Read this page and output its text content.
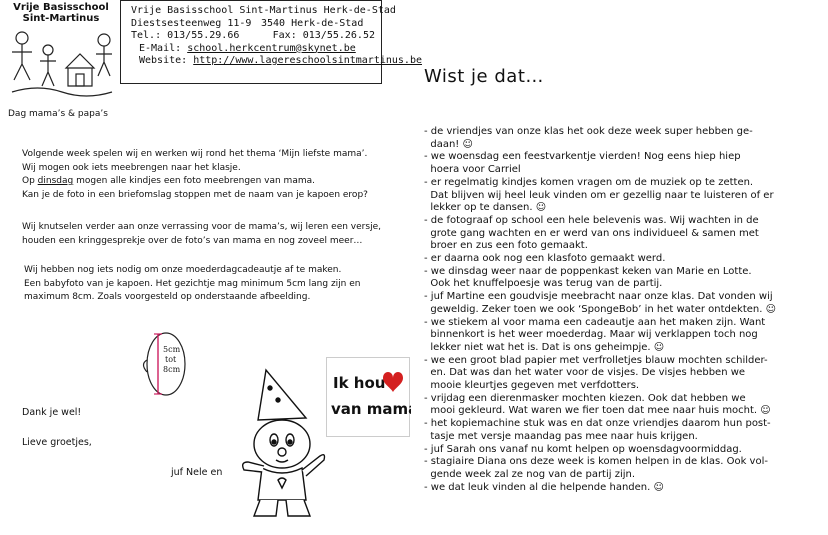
Vrije Basisschool
Sint-Martinus
Vrije Basisschool Sint-Martinus Herk-de-Stad
Diestsesteenweg 11-9 3540 Herk-de-Stad
Tel.: 013/55.29.66	Fax: 013/55.26.52
E-Mail:
school.herkcentrum@skynet.be
Website:
http://www.lagereschoolsintmartinus.be
Dag mama’s & papa’s
Volgende week spelen wij en werken wij rond het thema ‘Mijn liefste mama’.
Wij mogen ook iets meebrengen naar het klasje.
Op dinsdag mogen alle kindjes een foto meebrengen van mama.
Kan je de foto in een briefomslag stoppen met de naam van je kapoen erop?
Wij knutselen verder aan onze verrassing voor de mama’s, wij leren een versje,
houden een kringgesprekje over de foto’s van mama en nog zoveel meer…
Wij hebben nog iets nodig om onze moederdagcadeautje af te maken.
Een babyfoto van je kapoen. Het gezichtje mag minimum 5cm lang zijn en
maximum 8cm. Zoals voorgesteld op onderstaande afbeelding.
5cm
tot
8cm
Dank je wel!
Lieve groetjes,
juf Nele en
Ik hou
van mama
Wist je dat…
- de vriendjes van onze klas het ook deze week super hebben ge-
daan! ☺
- we woensdag een feestvarkentje vierden! Nog eens hiep hiep
hoera voor Carriel
- er regelmatig kindjes komen vragen om de muziek op te zetten.
Dat blijven wij heel leuk vinden om er gezellig naar te luisteren of er
lekker op te dansen. ☺
- de fotograaf op school een hele belevenis was. Wij wachten in de
grote gang wachten en er werd van ons individueel & samen met
broer en zus een foto gemaakt.
- er daarna ook nog een klasfoto gemaakt werd.
- we dinsdag weer naar de poppenkast keken van Marie en Lotte.
Ook het knuffelpoesje was terug van de partij.
- juf Martine een goudvisje meebracht naar onze klas. Dat vonden wij
geweldig. Zeker toen we ook ‘SpongeBob’ in het water ontdekten. ☺
- we stiekem al voor mama een cadeautje aan het maken zijn. Want
binnenkort is het weer moederdag. Maar wij verklappen toch nog
lekker niet wat het is. Dat is ons geheimpje. ☺
- we een groot blad papier met verfrolletjes blauw mochten schilder-
en. Dat was dan het water voor de visjes. De visjes hebben we
mooie kleurtjes gegeven met verfdotters.
- vrijdag een dierenmasker mochten kiezen. Ook dat hebben we
mooi gekleurd. Wat waren we fier toen dat mee naar huis mocht. ☺
- het kopiemachine stuk was en dat onze vriendjes daarom hun post-
tasje met versje maandag pas mee naar huis krijgen.
- juf Sarah ons vanaf nu komt helpen op woensdagvoormiddag.
- stagiaire Diana ons deze week is komen helpen in de klas. Ook vol-
gende week zal ze nog van de partij zijn.
- we dat leuk vinden al die helpende handen. ☺
